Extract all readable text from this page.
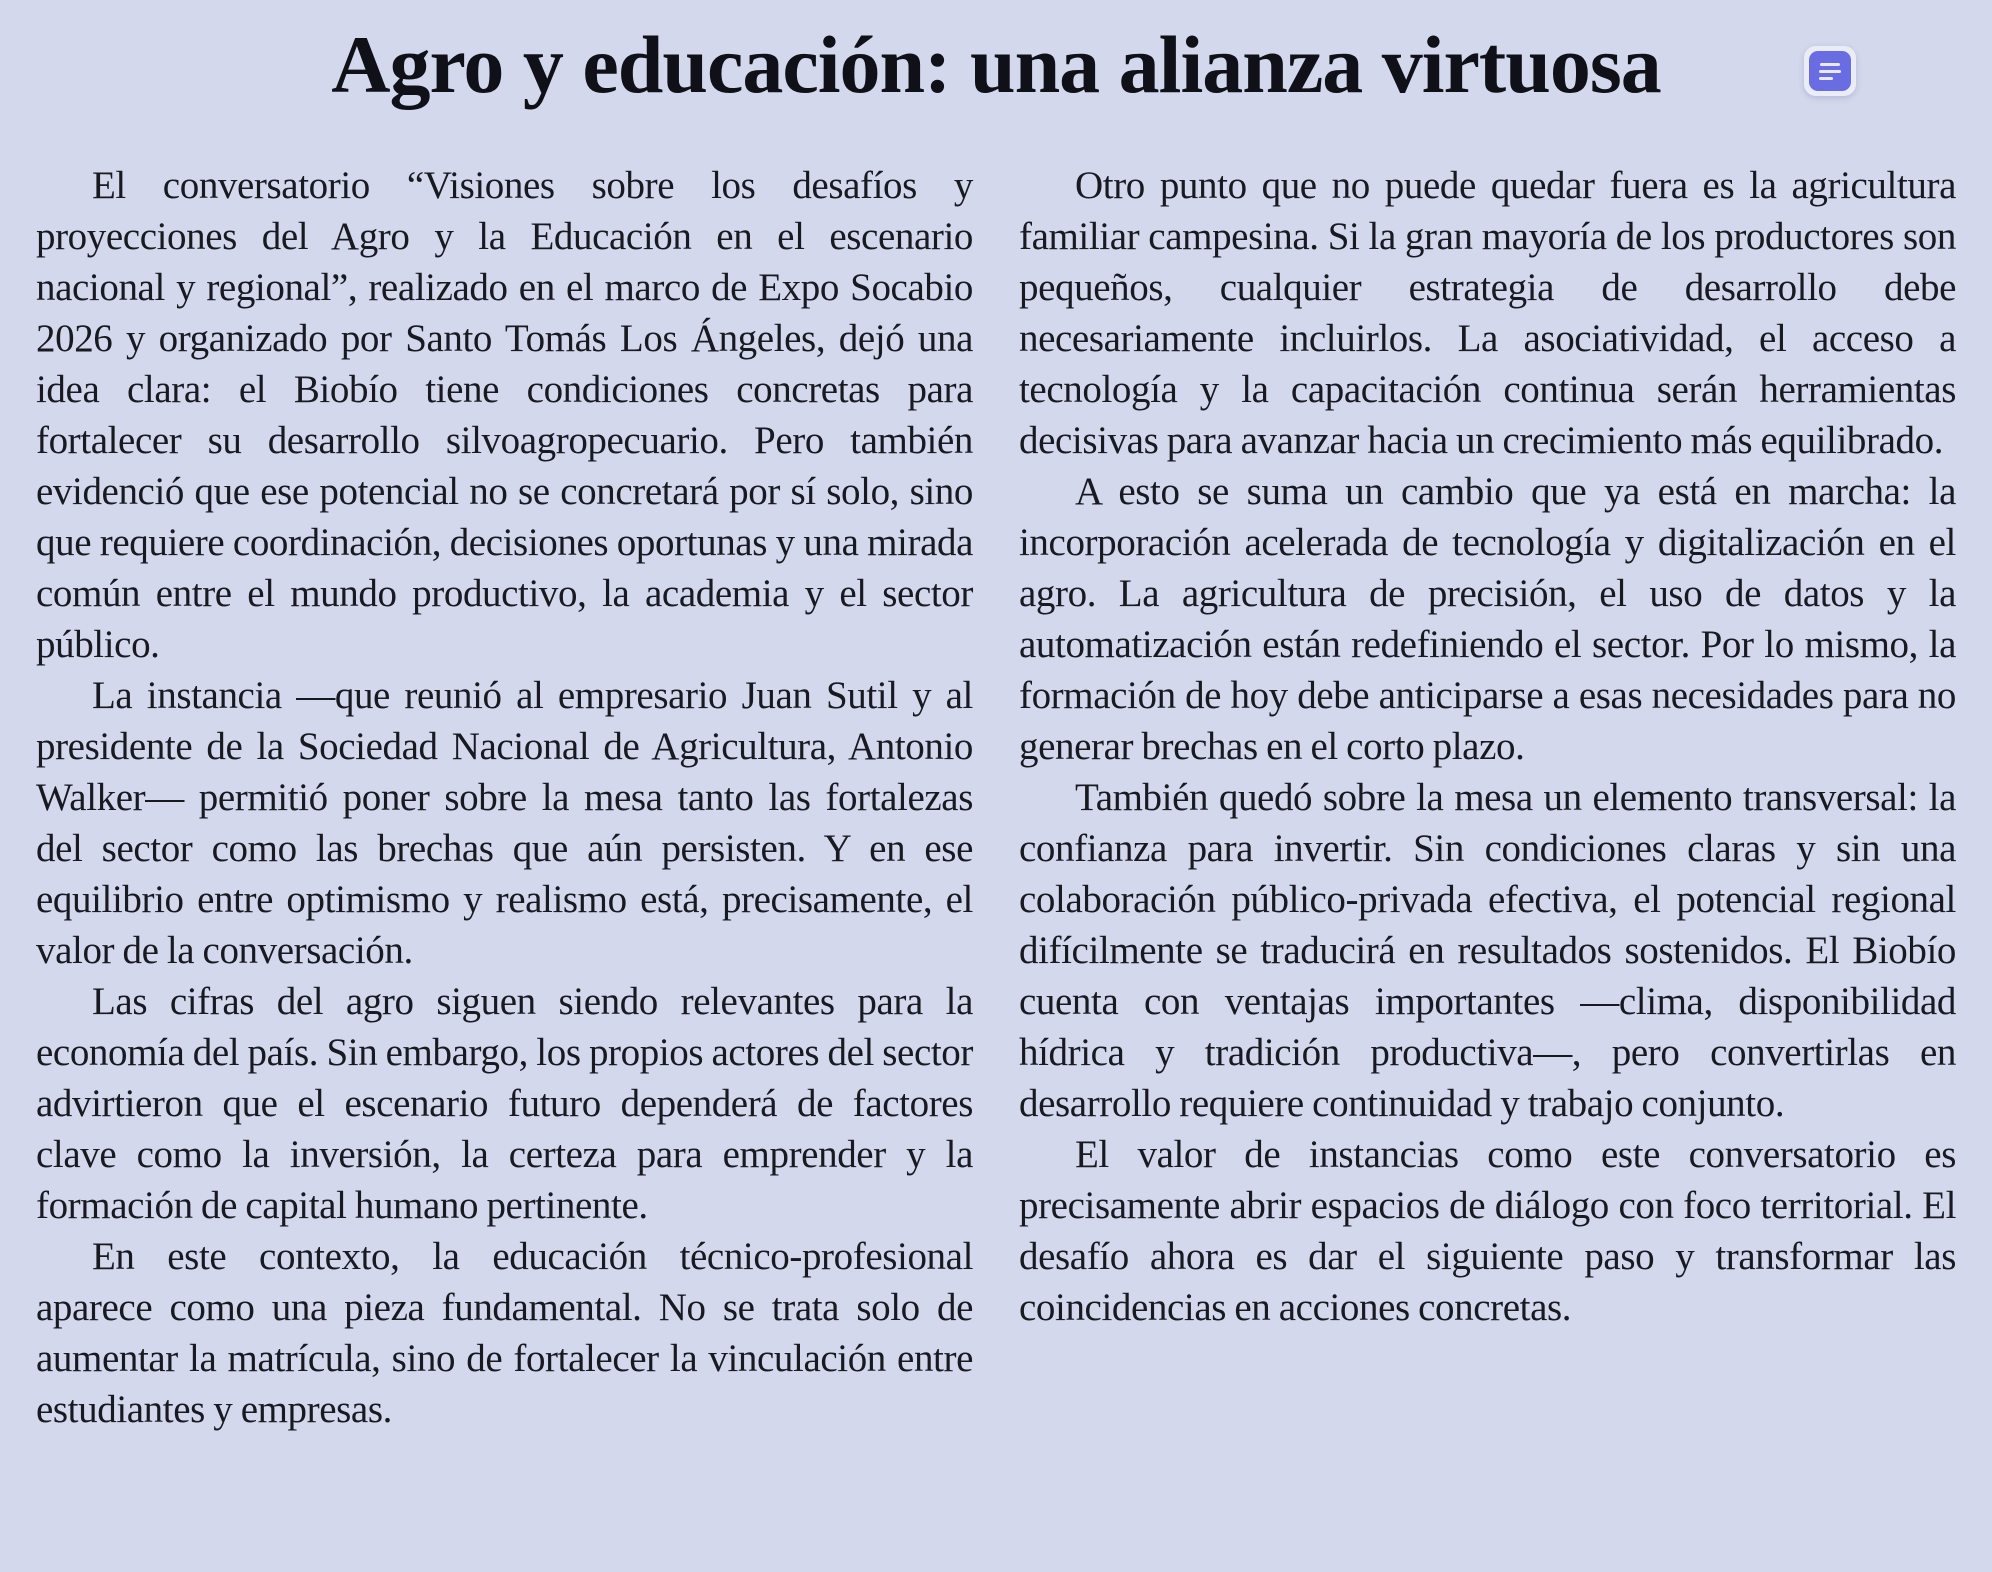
Agro y educación: una alianza virtuosa

El conversatorio “Visiones sobre los desafíos y proyecciones del Agro y la Educación en el escenario nacional y regional”, realizado en el marco de Expo Socabio 2026 y organizado por Santo Tomás Los Ángeles, dejó una idea clara: el Biobío tiene condiciones concretas para fortalecer su desarrollo silvoagropecuario. Pero también evidenció que ese potencial no se concretará por sí solo, sino que requiere coordinación, decisiones oportunas y una mirada común entre el mundo productivo, la academia y el sector público.

La instancia —que reunió al empresario Juan Sutil y al presidente de la Sociedad Nacional de Agricultura, Antonio Walker— permitió poner sobre la mesa tanto las fortalezas del sector como las brechas que aún persisten. Y en ese equilibrio entre optimismo y realismo está, precisamente, el valor de la conversación.

Las cifras del agro siguen siendo relevantes para la economía del país. Sin embargo, los propios actores del sector advirtieron que el escenario futuro dependerá de factores clave como la inversión, la certeza para emprender y la formación de capital humano pertinente.

En este contexto, la educación técnico-profesional aparece como una pieza fundamental. No se trata solo de aumentar la matrícula, sino de fortalecer la vinculación entre estudiantes y empresas.

Otro punto que no puede quedar fuera es la agricultura familiar campesina. Si la gran mayoría de los productores son pequeños, cualquier estrategia de desarrollo debe necesariamente incluirlos. La asociatividad, el acceso a tecnología y la capacitación continua serán herramientas decisivas para avanzar hacia un crecimiento más equilibrado.

A esto se suma un cambio que ya está en marcha: la incorporación acelerada de tecnología y digitalización en el agro. La agricultura de precisión, el uso de datos y la automatización están redefiniendo el sector. Por lo mismo, la formación de hoy debe anticiparse a esas necesidades para no generar brechas en el corto plazo.

También quedó sobre la mesa un elemento transversal: la confianza para invertir. Sin condiciones claras y sin una colaboración público-privada efectiva, el potencial regional difícilmente se traducirá en resultados sostenidos. El Biobío cuenta con ventajas importantes —clima, disponibilidad hídrica y tradición productiva—, pero convertirlas en desarrollo requiere continuidad y trabajo conjunto.

El valor de instancias como este conversatorio es precisamente abrir espacios de diálogo con foco territorial. El desafío ahora es dar el siguiente paso y transformar las coincidencias en acciones concretas.
